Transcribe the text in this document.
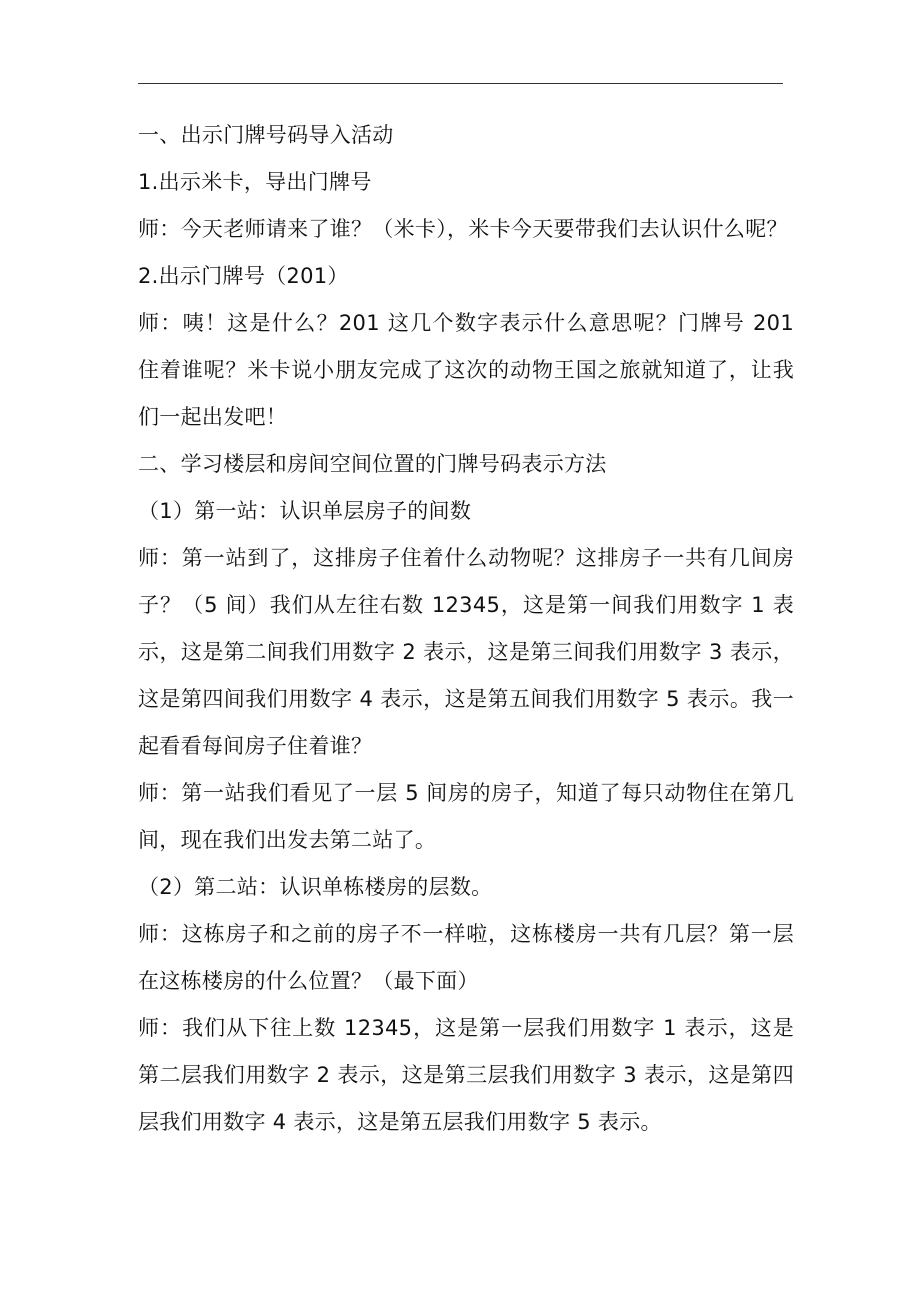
一、出示门牌号码导入活动

1.出示米卡，导出门牌号

师：今天老师请来了谁？（米卡），米卡今天要带我们去认识什么呢？

2.出示门牌号（201）

师：咦！这是什么？201 这几个数字表示什么意思呢？门牌号 201 住着谁呢？米卡说小朋友完成了这次的动物王国之旅就知道了，让我们一起出发吧！

二、学习楼层和房间空间位置的门牌号码表示方法

（1）第一站：认识单层房子的间数

师：第一站到了，这排房子住着什么动物呢？这排房子一共有几间房子？（5 间）我们从左往右数 12345，这是第一间我们用数字 1 表示，这是第二间我们用数字 2 表示，这是第三间我们用数字 3 表示，这是第四间我们用数字 4 表示，这是第五间我们用数字 5 表示。我一起看看每间房子住着谁？

师：第一站我们看见了一层 5 间房的房子，知道了每只动物住在第几间，现在我们出发去第二站了。

（2）第二站：认识单栋楼房的层数。

师：这栋房子和之前的房子不一样啦，这栋楼房一共有几层？第一层在这栋楼房的什么位置？（最下面）

师：我们从下往上数 12345，这是第一层我们用数字 1 表示，这是第二层我们用数字 2 表示，这是第三层我们用数字 3 表示，这是第四层我们用数字 4 表示，这是第五层我们用数字 5 表示。
